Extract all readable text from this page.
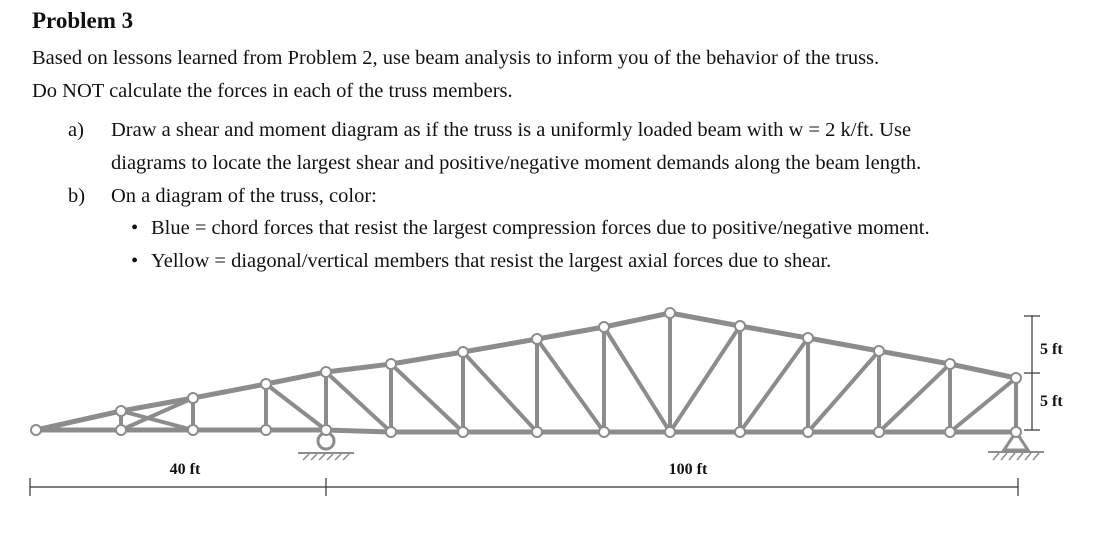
Problem 3
Based on lessons learned from Problem 2, use beam analysis to inform you of the behavior of the truss.
Do NOT calculate the forces in each of the truss members.
a) Draw a shear and moment diagram as if the truss is a uniformly loaded beam with w = 2 k/ft. Use
diagrams to locate the largest shear and positive/negative moment demands along the beam length.
b) On a diagram of the truss, color:
• Blue = chord forces that resist the largest compression forces due to positive/negative moment.
• Yellow = diagonal/vertical members that resist the largest axial forces due to shear.
40 ft	100 ft
5 ft
5 ft
